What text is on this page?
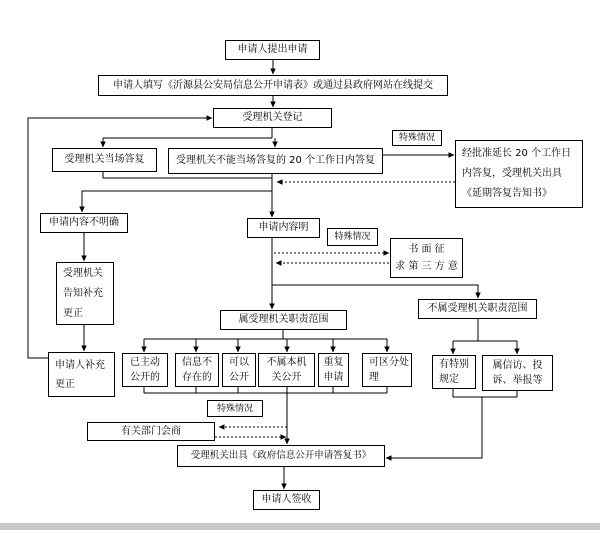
申请人提出申请
申请人填写《沂源县公安局信息公开申请表》或通过县政府网站在线提交
受理机关登记
受理机关当场答复	受理机关不能当场答复的 20 个工作日内答复
特殊情况
经批准延长 20 个工作日
内答复，受理机关出具
《延期答复告知书》
申请内容不明确	申请内容明
特殊情况
书 面 征
求 第 三 方 意
受理机关
告知补充
更正
申请人补充
更正
属受理机关职责范围
不属受理机关职责范围
已主动
公开的
信息不
存在的
可以
公开
不属本机
关公开
重复
申请
可区分处
理
有特别
规定
属信访、投
诉、举报等
特殊情况
有关部门会商
受理机关出具《政府信息公开申请答复书》
申请人签收
